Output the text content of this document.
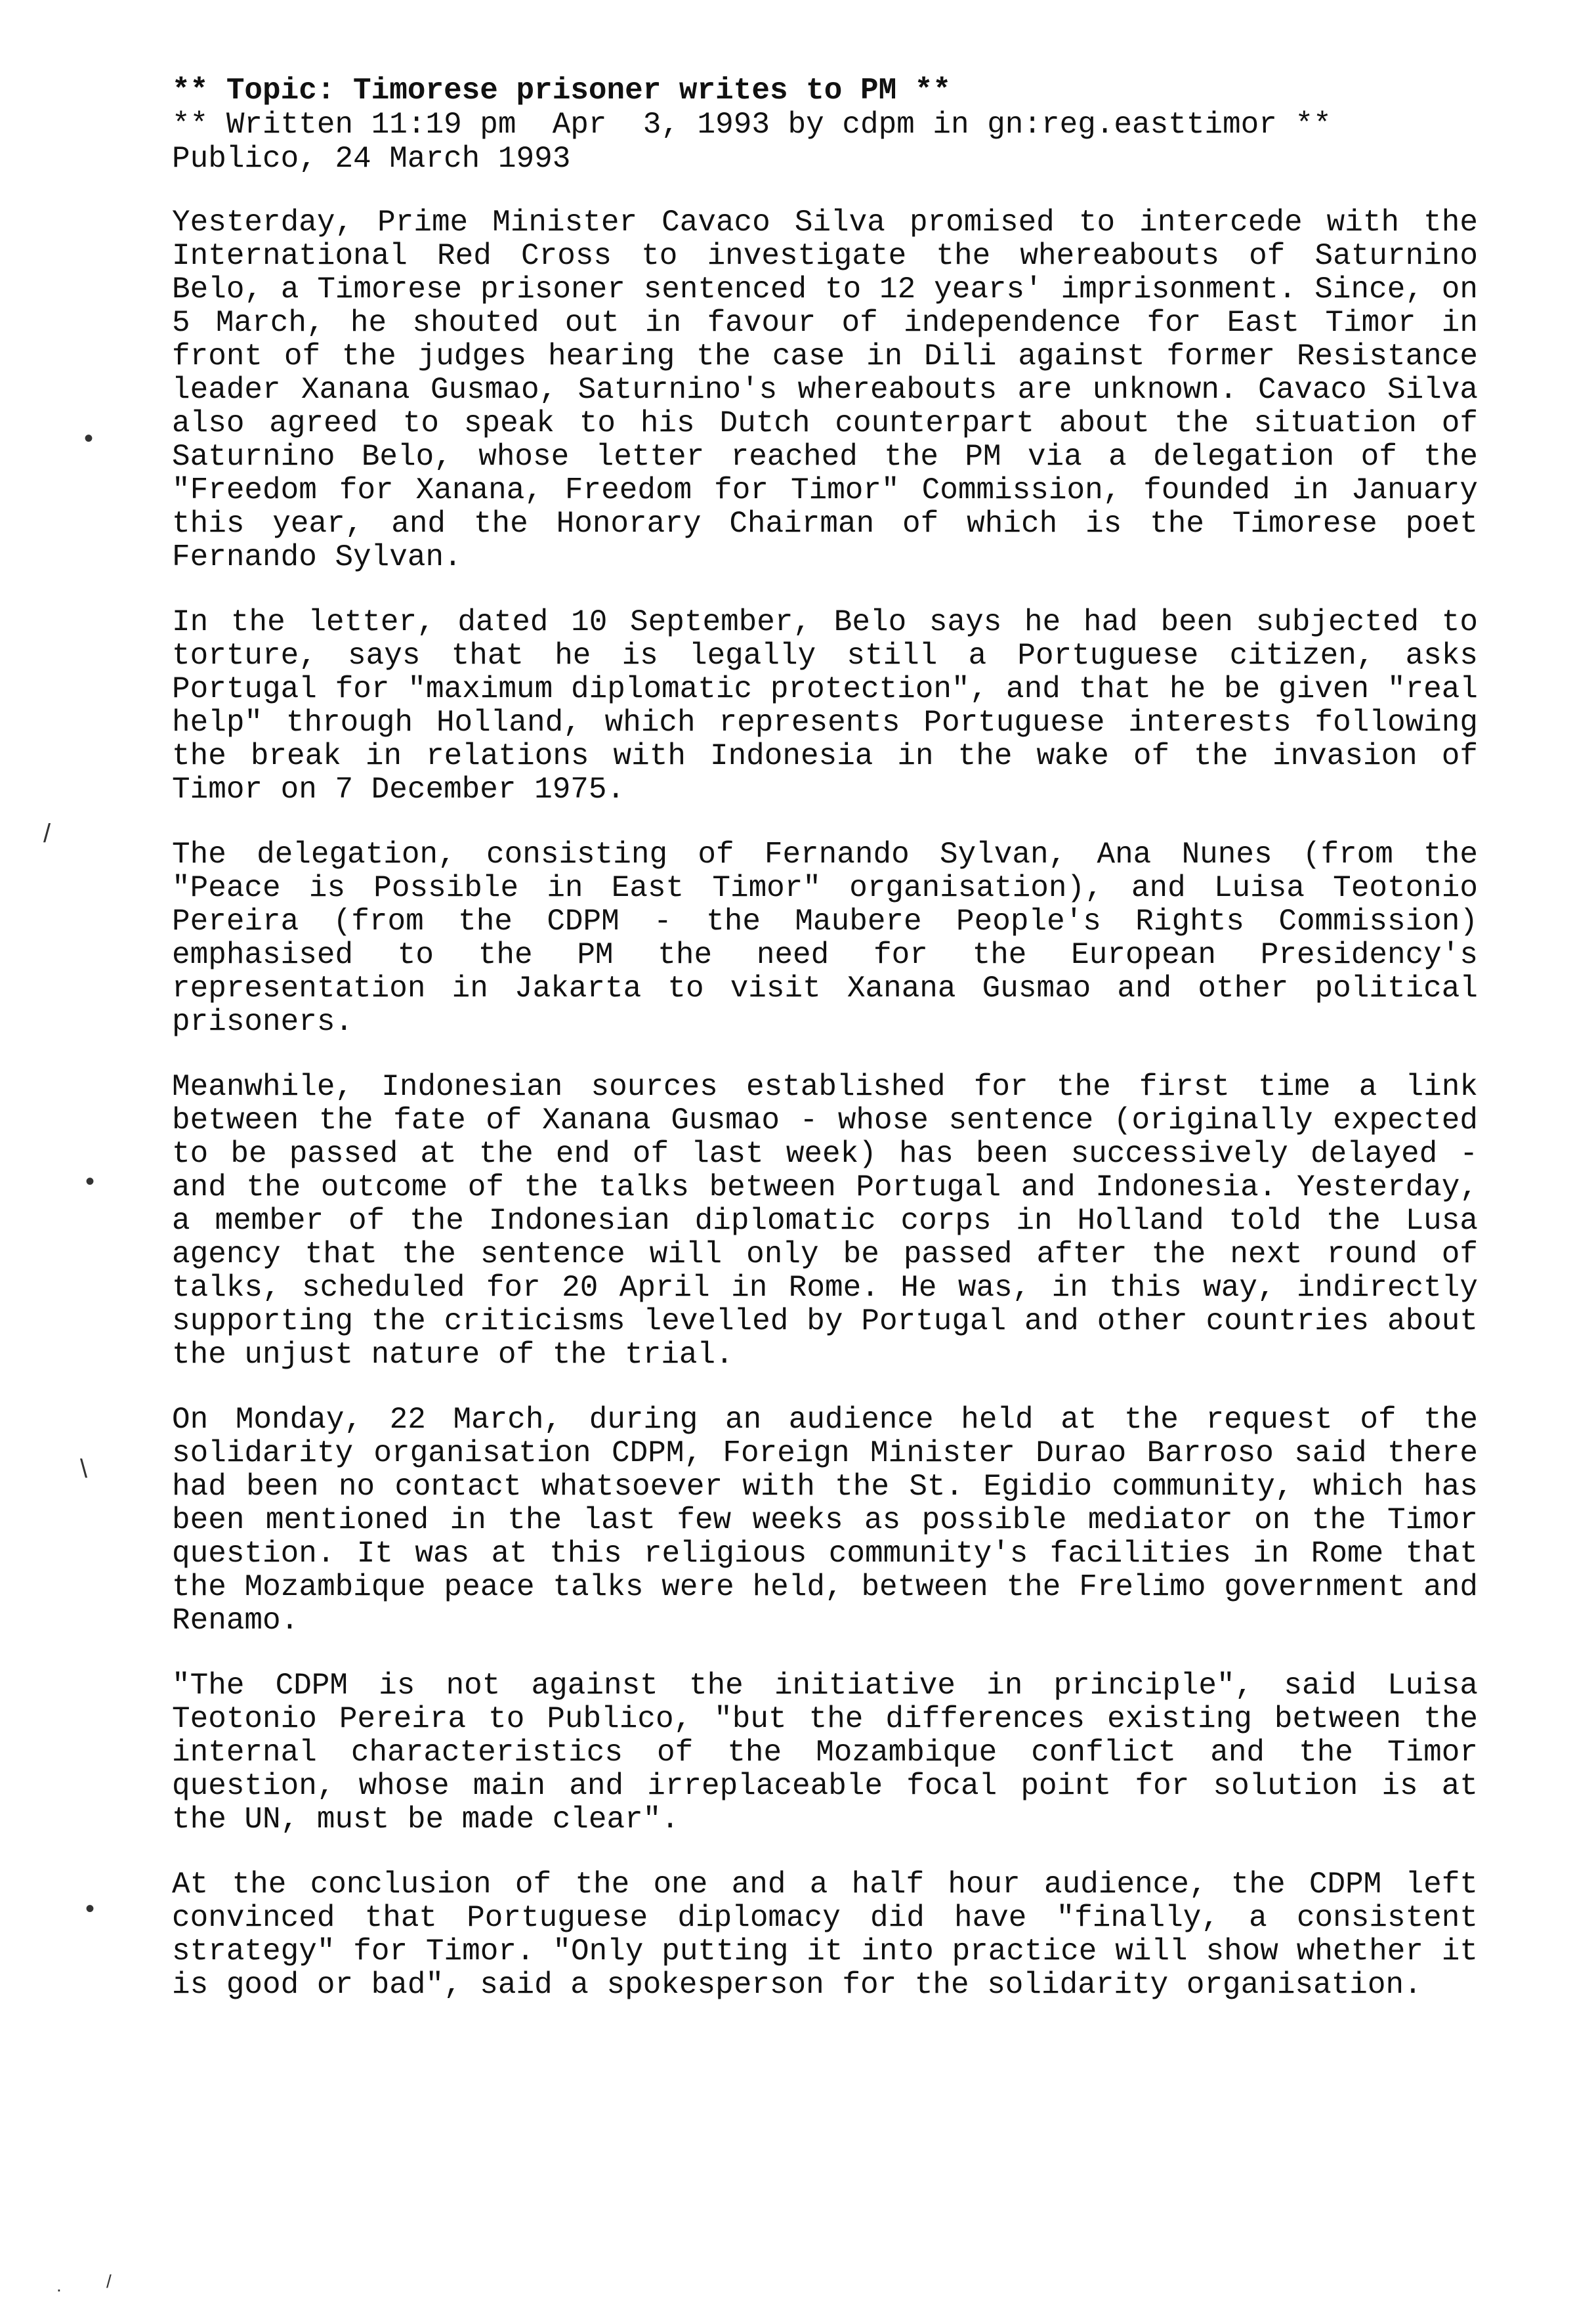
** Topic: Timorese prisoner writes to PM **
** Written 11:19 pm  Apr  3, 1993 by cdpm in gn:reg.easttimor **
Publico, 24 March 1993

Yesterday, Prime Minister Cavaco Silva promised to intercede with the International Red Cross to investigate the whereabouts of Saturnino Belo, a Timorese prisoner sentenced to 12 years' imprisonment. Since, on 5 March, he shouted out in favour of independence for East Timor in front of the judges hearing the case in Dili against former Resistance leader Xanana Gusmao, Saturnino's whereabouts are unknown. Cavaco Silva also agreed to speak to his Dutch counterpart about the situation of Saturnino Belo, whose letter reached the PM via a delegation of the "Freedom for Xanana, Freedom for Timor" Commission, founded in January this year, and the Honorary Chairman of which is the Timorese poet Fernando Sylvan.

In the letter, dated 10 September, Belo says he had been subjected to torture, says that he is legally still a Portuguese citizen, asks Portugal for "maximum diplomatic protection", and that he be given "real help" through Holland, which represents Portuguese interests following the break in relations with Indonesia in the wake of the invasion of Timor on 7 December 1975.

The delegation, consisting of Fernando Sylvan, Ana Nunes (from the "Peace is Possible in East Timor" organisation), and Luisa Teotonio Pereira (from the CDPM - the Maubere People's Rights Commission) emphasised to the PM the need for the European Presidency's representation in Jakarta to visit Xanana Gusmao and other political prisoners.

Meanwhile, Indonesian sources established for the first time a link between the fate of Xanana Gusmao - whose sentence (originally expected to be passed at the end of last week) has been successively delayed - and the outcome of the talks between Portugal and Indonesia. Yesterday, a member of the Indonesian diplomatic corps in Holland told the Lusa agency that the sentence will only be passed after the next round of talks, scheduled for 20 April in Rome. He was, in this way, indirectly supporting the criticisms levelled by Portugal and other countries about the unjust nature of the trial.

On Monday, 22 March, during an audience held at the request of the solidarity organisation CDPM, Foreign Minister Durao Barroso said there had been no contact whatsoever with the St. Egidio community, which has been mentioned in the last few weeks as possible mediator on the Timor question. It was at this religious community's facilities in Rome that the Mozambique peace talks were held, between the Frelimo government and Renamo.

"The CDPM is not against the initiative in principle", said Luisa Teotonio Pereira to Publico, "but the differences existing between the internal characteristics of the Mozambique conflict and the Timor question, whose main and irreplaceable focal point for solution is at the UN, must be made clear".

At the conclusion of the one and a half hour audience, the CDPM left convinced that Portuguese diplomacy did have "finally, a consistent strategy" for Timor. "Only putting it into practice will show whether it is good or bad", said a spokesperson for the solidarity organisation.

•
/
•
\
•
. /
